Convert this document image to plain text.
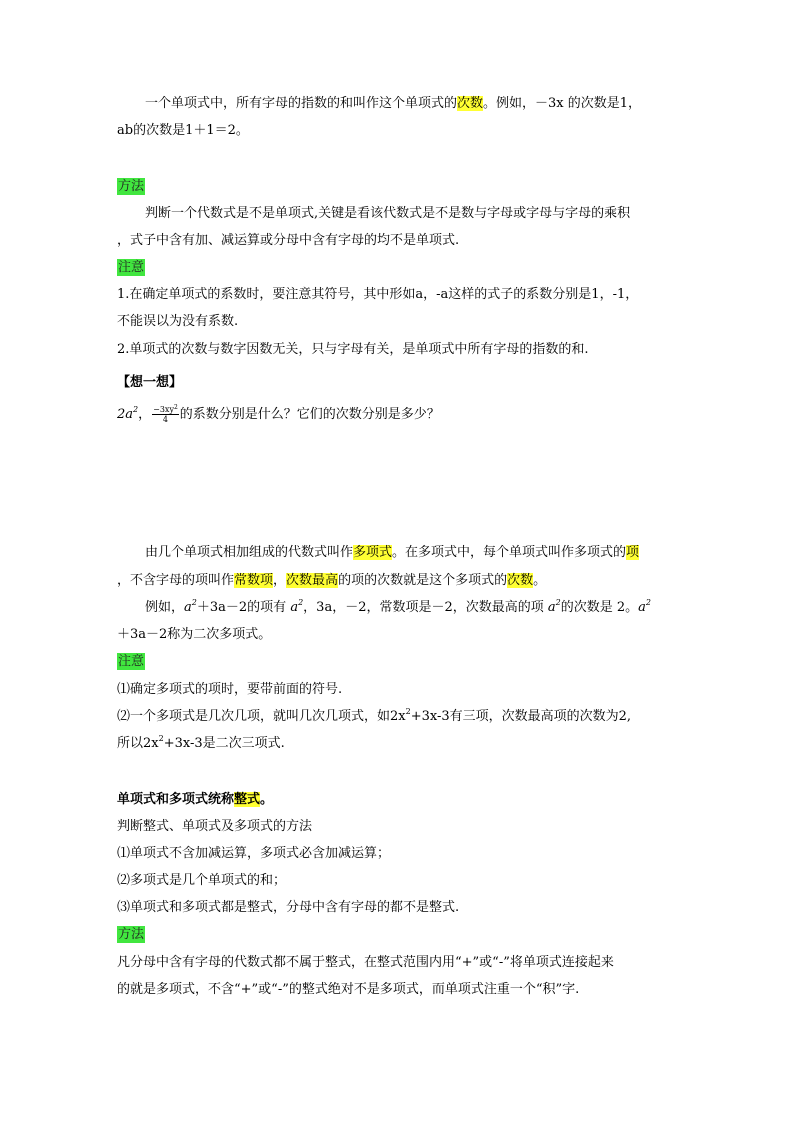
一个单项式中，所有字母的指数的和叫作这个单项式的次数。例如，－3x 的次数是1，
ab的次数是1＋1＝2。
方法
判断一个代数式是不是单项式,关键是看该代数式是不是数与字母或字母与字母的乘积
，式子中含有加、减运算或分母中含有字母的均不是单项式.
注意
1.在确定单项式的系数时，要注意其符号，其中形如a，-a这样的式子的系数分别是1，-1，
不能误以为没有系数.
2.单项式的次数与数字因数无关，只与字母有关，是单项式中所有字母的指数的和.
【想一想】
$2a^2$， $\frac{-3xy^2}{4}$ 的系数分别是什么？它们的次数分别是多少？
由几个单项式相加组成的代数式叫作多项式。在多项式中，每个单项式叫作多项式的项
，不含字母的项叫作常数项，次数最高的项的次数就是这个多项式的次数。
例如，$a^2+3a-2$的项有 $a^2$，3a，－2，常数项是－2，次数最高的项 $a^2$的次数是 2。$a^2$
＋3a－2称为二次多项式。
注意
⑴确定多项式的项时，要带前面的符号.
⑵一个多项式是几次几项，就叫几次几项式，如$2x^2+3x-3$有三项，次数最高项的次数为2,
所以$2x^2+3x-3$是二次三项式.
单项式和多项式统称整式。
判断整式、单项式及多项式的方法
⑴单项式不含加减运算，多项式必含加减运算；
⑵多项式是几个单项式的和；
⑶单项式和多项式都是整式，分母中含有字母的都不是整式.
方法
凡分母中含有字母的代数式都不属于整式，在整式范围内用“+”或“-”将单项式连接起来
的就是多项式，不含“+”或“-”的整式绝对不是多项式，而单项式注重一个“积”字.
